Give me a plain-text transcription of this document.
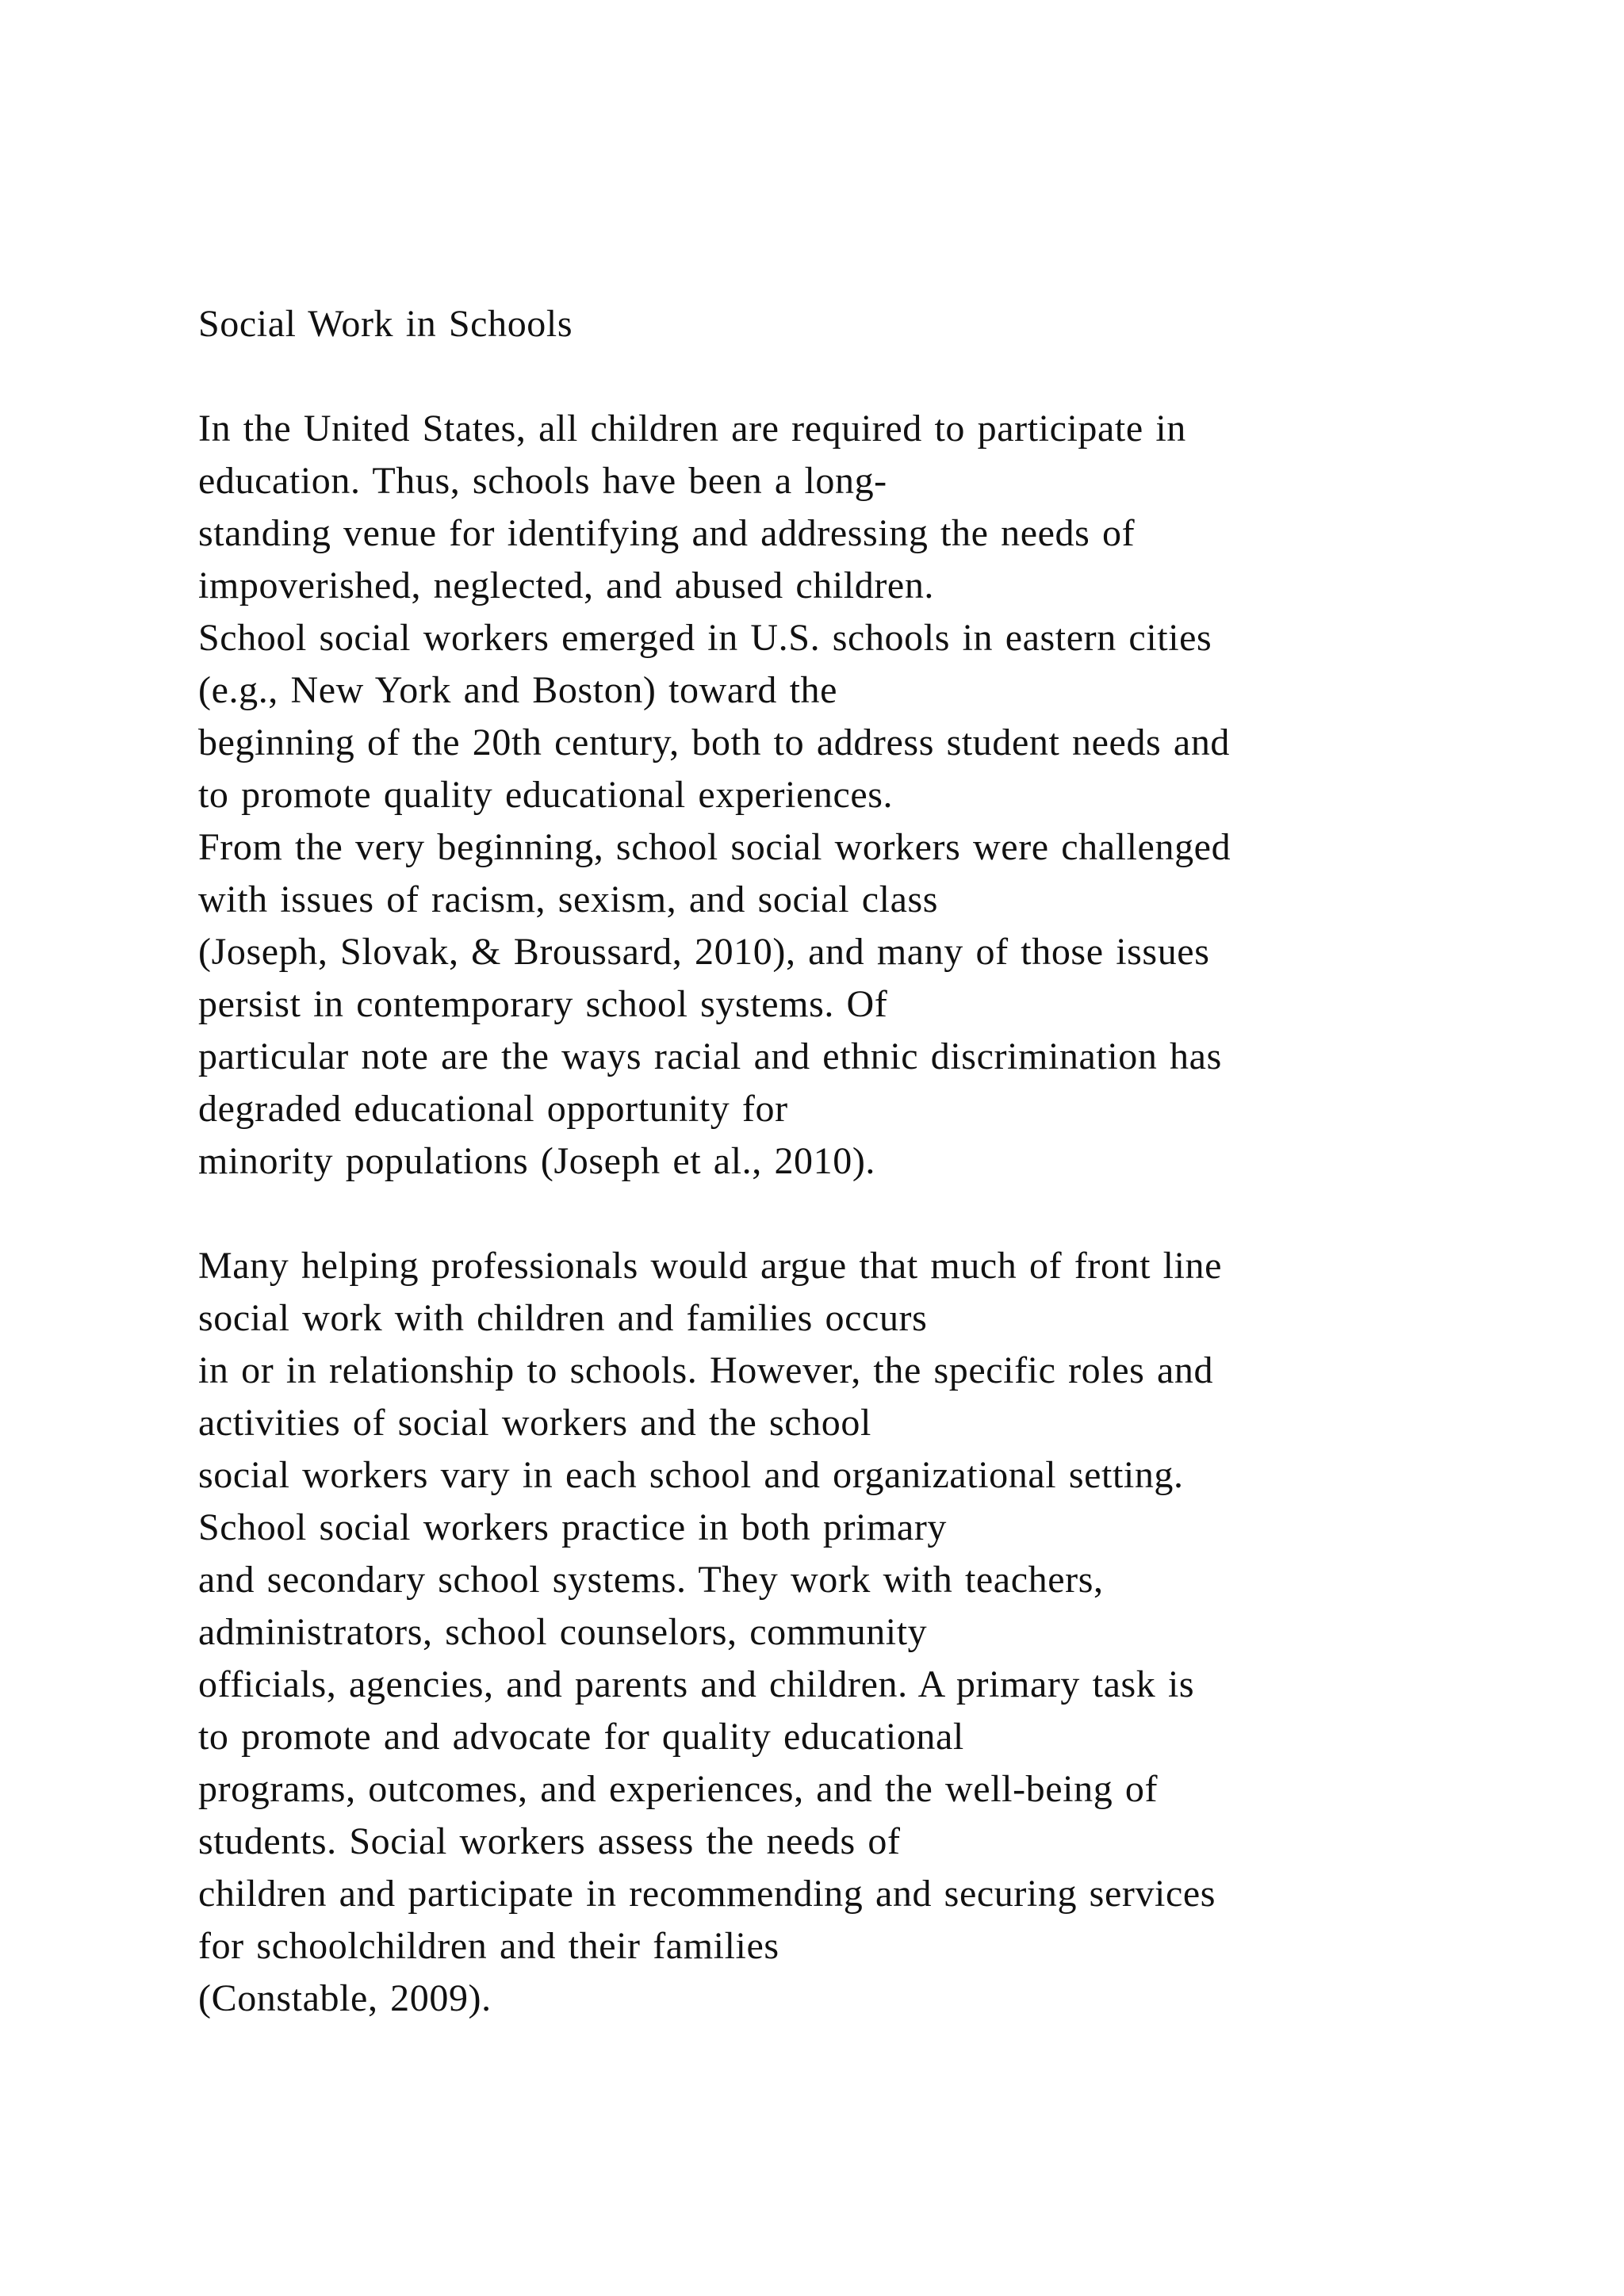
Social Work in Schools
In the United States, all children are required to participate in
education. Thus, schools have been a long-
standing venue for identifying and addressing the needs of
impoverished, neglected, and abused children.
School social workers emerged in U.S. schools in eastern cities
(e.g., New York and Boston) toward the
beginning of the 20th century, both to address student needs and
to promote quality educational experiences.
From the very beginning, school social workers were challenged
with issues of racism, sexism, and social class
(Joseph, Slovak, & Broussard, 2010), and many of those issues
persist in contemporary school systems. Of
particular note are the ways racial and ethnic discrimination has
degraded educational opportunity for
minority populations (Joseph et al., 2010).
Many helping professionals would argue that much of front line
social work with children and families occurs
in or in relationship to schools. However, the specific roles and
activities of social workers and the school
social workers vary in each school and organizational setting.
School social workers practice in both primary
and secondary school systems. They work with teachers,
administrators, school counselors, community
officials, agencies, and parents and children. A primary task is
to promote and advocate for quality educational
programs, outcomes, and experiences, and the well-being of
students. Social workers assess the needs of
children and participate in recommending and securing services
for schoolchildren and their families
(Constable, 2009).
